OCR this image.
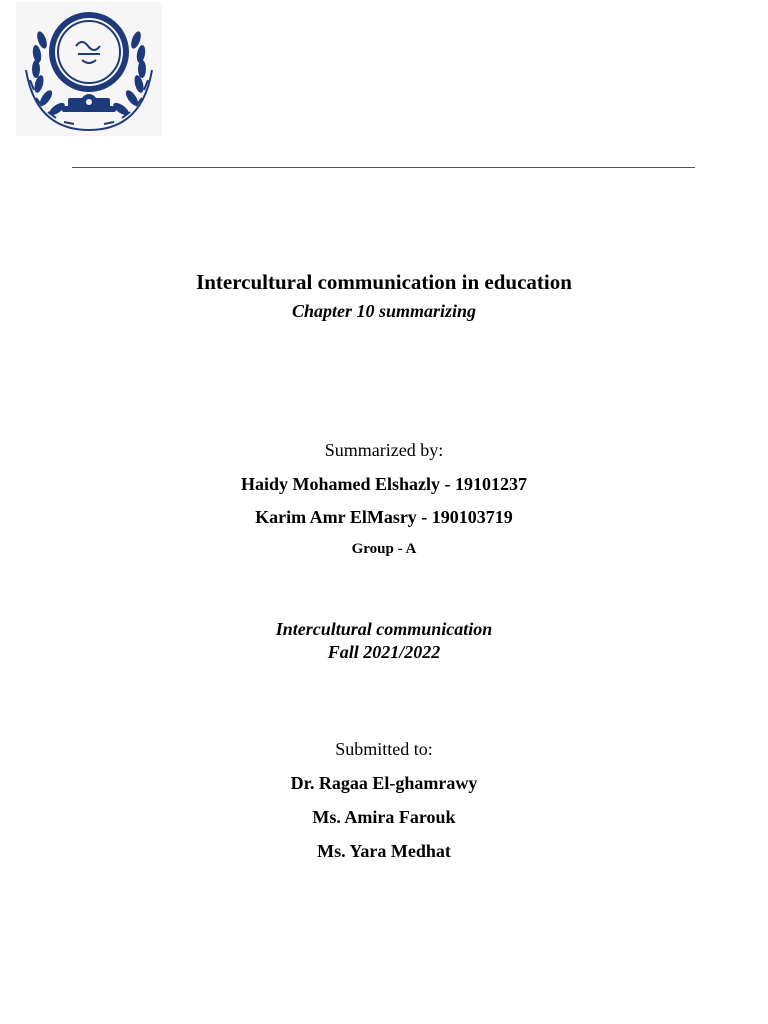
Intercultural communication in education
Chapter 10 summarizing
Summarized by:
Haidy Mohamed Elshazly - 19101237
Karim Amr ElMasry - 190103719
Group - A
Intercultural communication
Fall 2021/2022
Submitted to:
Dr. Ragaa El-ghamrawy
Ms. Amira Farouk
Ms. Yara Medhat
